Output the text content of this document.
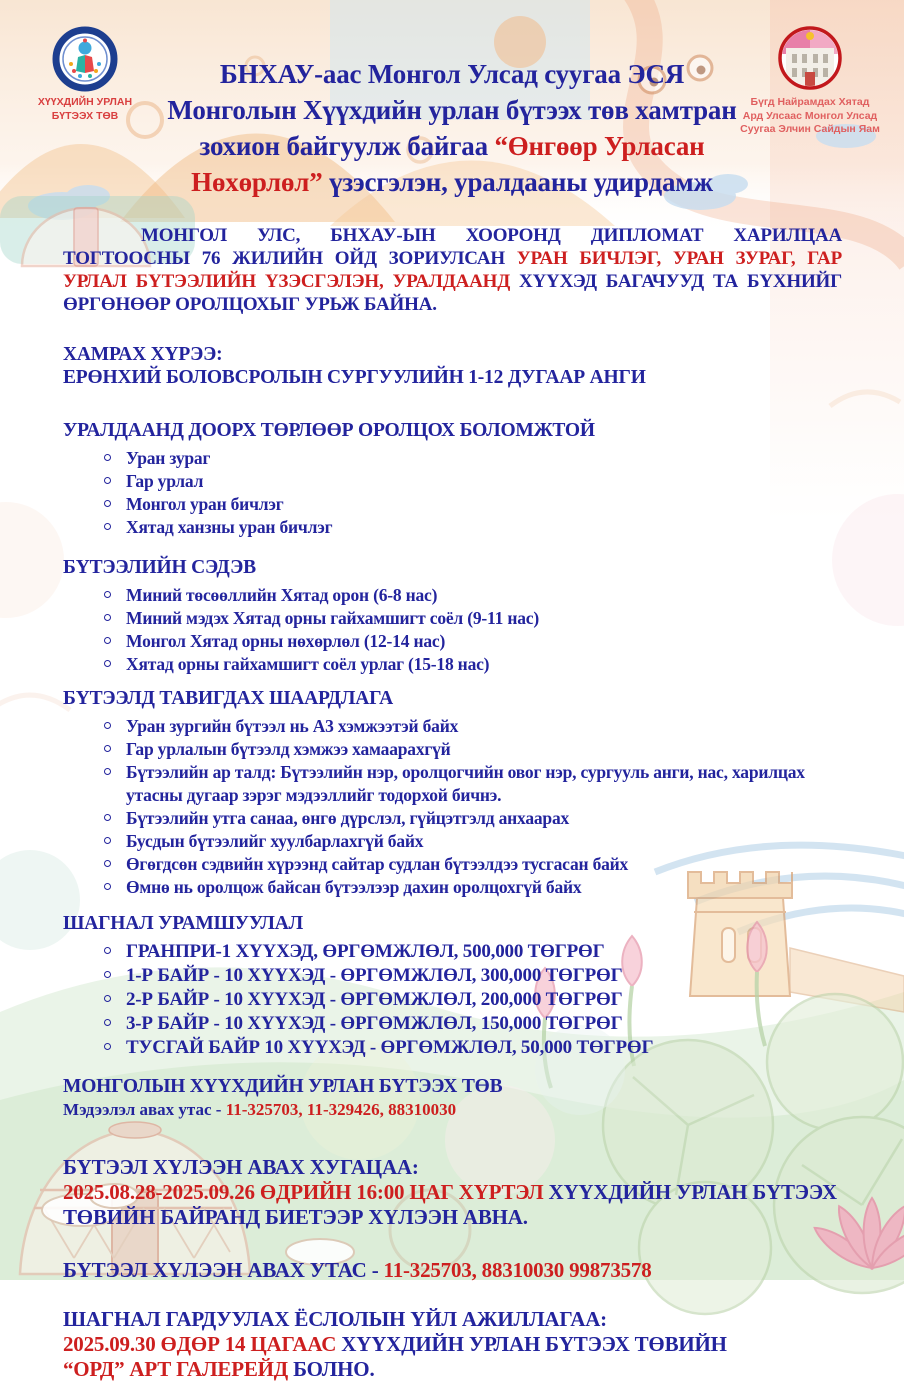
ХҮҮХДИЙН УРЛАН
БҮТЭЭХ ТӨВ
Бүгд Найрамдах Хятад
Ард Улсаас Монгол Улсад
Суугаа Элчин Сайдын Яам
БНХАУ-аас Монгол Улсад суугаа ЭСЯ
Монголын Хүүхдийн урлан бүтээх төв хамтран
зохион байгуулж байгаа “Өнгөөр Урласан
Нөхөрлөл” үзэсгэлэн, уралдааны удирдамж

МОНГОЛ УЛС, БНХАУ-ЫН ХООРОНД ДИПЛОМАТ ХАРИЛЦАА ТОГТООСНЫ 76 ЖИЛИЙН ОЙД ЗОРИУЛСАН УРАН БИЧЛЭГ, УРАН ЗУРАГ, ГАР УРЛАЛ БҮТЭЭЛИЙН ҮЗЭСГЭЛЭН, УРАЛДААНД ХҮҮХЭД БАГАЧУУД ТА БҮХНИЙГ ӨРГӨНӨӨР ОРОЛЦОХЫГ УРЬЖ БАЙНА.

ХАМРАХ ХҮРЭЭ:
ЕРӨНХИЙ БОЛОВСРОЛЫН СУРГУУЛИЙН 1-12 ДУГААР АНГИ
УРАЛДААНД ДООРХ ТӨРЛӨӨР ОРОЛЦОХ БОЛОМЖТОЙ
Уран зураг
Гар урлал
Монгол уран бичлэг
Хятад ханзны уран бичлэг
БҮТЭЭЛИЙН СЭДЭВ
Миний төсөөллийн Хятад орон (6-8 нас)
Миний мэдэх Хятад орны гайхамшигт соёл (9-11 нас)
Монгол Хятад орны нөхөрлөл (12-14 нас)
Хятад орны гайхамшигт соёл урлаг (15-18 нас)
БҮТЭЭЛД ТАВИГДАХ ШААРДЛАГА
Уран зургийн бүтээл нь А3 хэмжээтэй байх
Гар урлалын бүтээлд хэмжээ хамаарахгүй
Бүтээлийн ар талд: Бүтээлийн нэр, оролцогчийн овог нэр, сургууль анги, нас, харилцах утасны дугаар зэрэг мэдээллийг тодорхой бичнэ.
Бүтээлийн утга санаа, өнгө дүрслэл, гүйцэтгэлд анхаарах
Бусдын бүтээлийг хуулбарлахгүй байх
Өгөгдсөн сэдвийн хүрээнд сайтар судлан бүтээлдээ тусгасан байх
Өмнө нь оролцож байсан бүтээлээр дахин оролцохгүй байх
ШАГНАЛ УРАМШУУЛАЛ
ГРАНПРИ-1 ХҮҮХЭД, ӨРГӨМЖЛӨЛ, 500,000 ТӨГРӨГ
1-Р БАЙР - 10 ХҮҮХЭД - ӨРГӨМЖЛӨЛ, 300,000 ТӨГРӨГ
2-Р БАЙР - 10 ХҮҮХЭД - ӨРГӨМЖЛӨЛ, 200,000 ТӨГРӨГ
3-Р БАЙР - 10 ХҮҮХЭД - ӨРГӨМЖЛӨЛ, 150,000 ТӨГРӨГ
ТУСГАЙ БАЙР 10 ХҮҮХЭД - ӨРГӨМЖЛӨЛ, 50,000 ТӨГРӨГ
МОНГОЛЫН ХҮҮХДИЙН УРЛАН БҮТЭЭХ ТӨВ
Мэдээлэл авах утас - 11-325703, 11-329426, 88310030
БҮТЭЭЛ ХҮЛЭЭН АВАХ ХУГАЦАА:
2025.08.28-2025.09.26 ӨДРИЙН 16:00 ЦАГ ХҮРТЭЛ ХҮҮХДИЙН УРЛАН БҮТЭЭХ ТӨВИЙН БАЙРАНД БИЕТЭЭР ХҮЛЭЭН АВНА.
БҮТЭЭЛ ХҮЛЭЭН АВАХ УТАС - 11-325703, 88310030 99873578
ШАГНАЛ ГАРДУУЛАХ ЁСЛОЛЫН ҮЙЛ АЖИЛЛАГАА:
2025.09.30 ӨДӨР 14 ЦАГААС ХҮҮХДИЙН УРЛАН БҮТЭЭХ ТӨВИЙН
“ОРД” АРТ ГАЛЕРЕЙД БОЛНО.
